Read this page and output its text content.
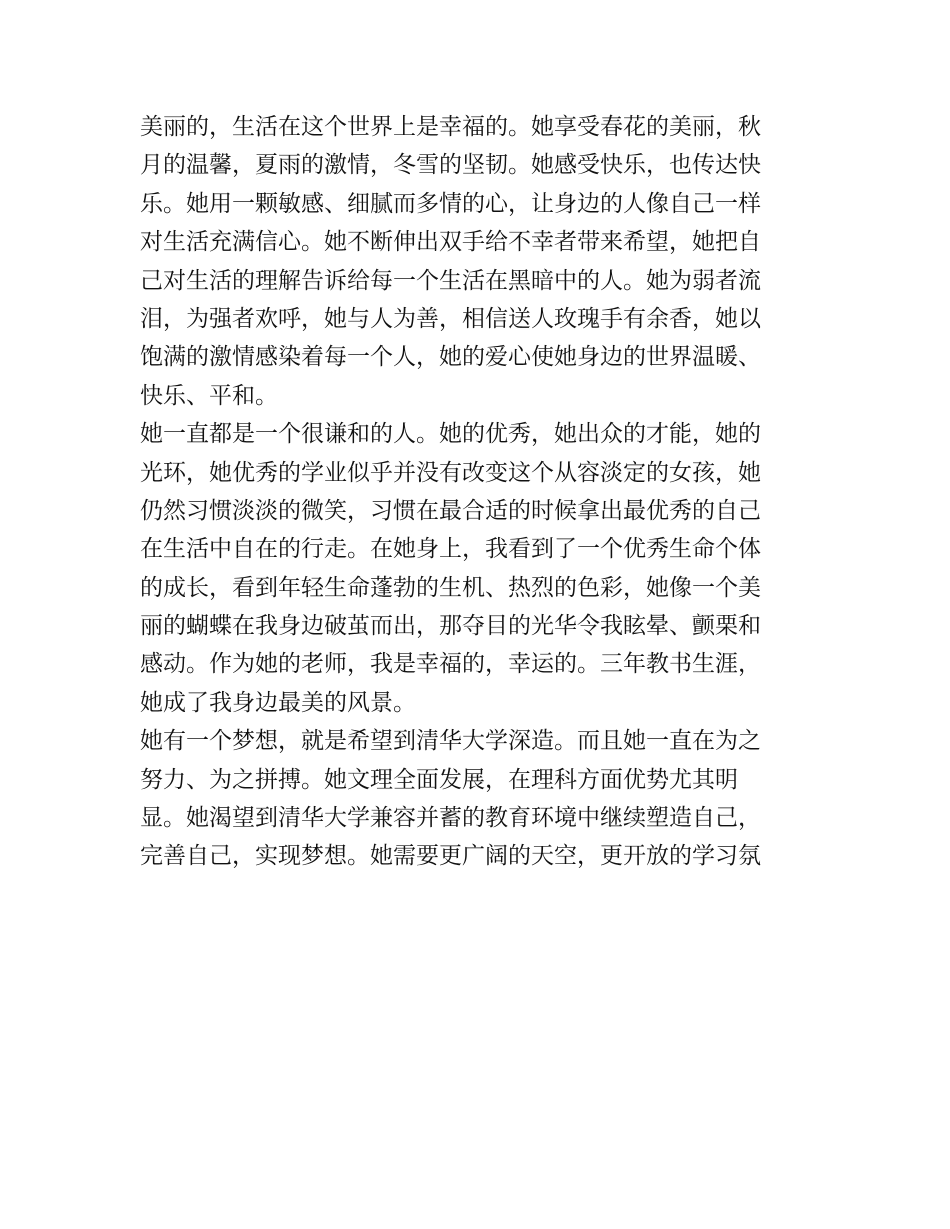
美丽的，生活在这个世界上是幸福的。她享受春花的美丽，秋
月的温馨，夏雨的激情，冬雪的坚韧。她感受快乐，也传达快
乐。她用一颗敏感、细腻而多情的心，让身边的人像自己一样
对生活充满信心。她不断伸出双手给不幸者带来希望，她把自
己对生活的理解告诉给每一个生活在黑暗中的人。她为弱者流
泪，为强者欢呼，她与人为善，相信送人玫瑰手有余香，她以
饱满的激情感染着每一个人，她的爱心使她身边的世界温暖、
快乐、平和。
她一直都是一个很谦和的人。她的优秀，她出众的才能，她的
光环，她优秀的学业似乎并没有改变这个从容淡定的女孩，她
仍然习惯淡淡的微笑，习惯在最合适的时候拿出最优秀的自己
在生活中自在的行走。在她身上，我看到了一个优秀生命个体
的成长，看到年轻生命蓬勃的生机、热烈的色彩，她像一个美
丽的蝴蝶在我身边破茧而出，那夺目的光华令我眩晕、颤栗和
感动。作为她的老师，我是幸福的，幸运的。三年教书生涯，
她成了我身边最美的风景。
她有一个梦想，就是希望到清华大学深造。而且她一直在为之
努力、为之拼搏。她文理全面发展，在理科方面优势尤其明
显。她渴望到清华大学兼容并蓄的教育环境中继续塑造自己，
完善自己，实现梦想。她需要更广阔的天空，更开放的学习氛
